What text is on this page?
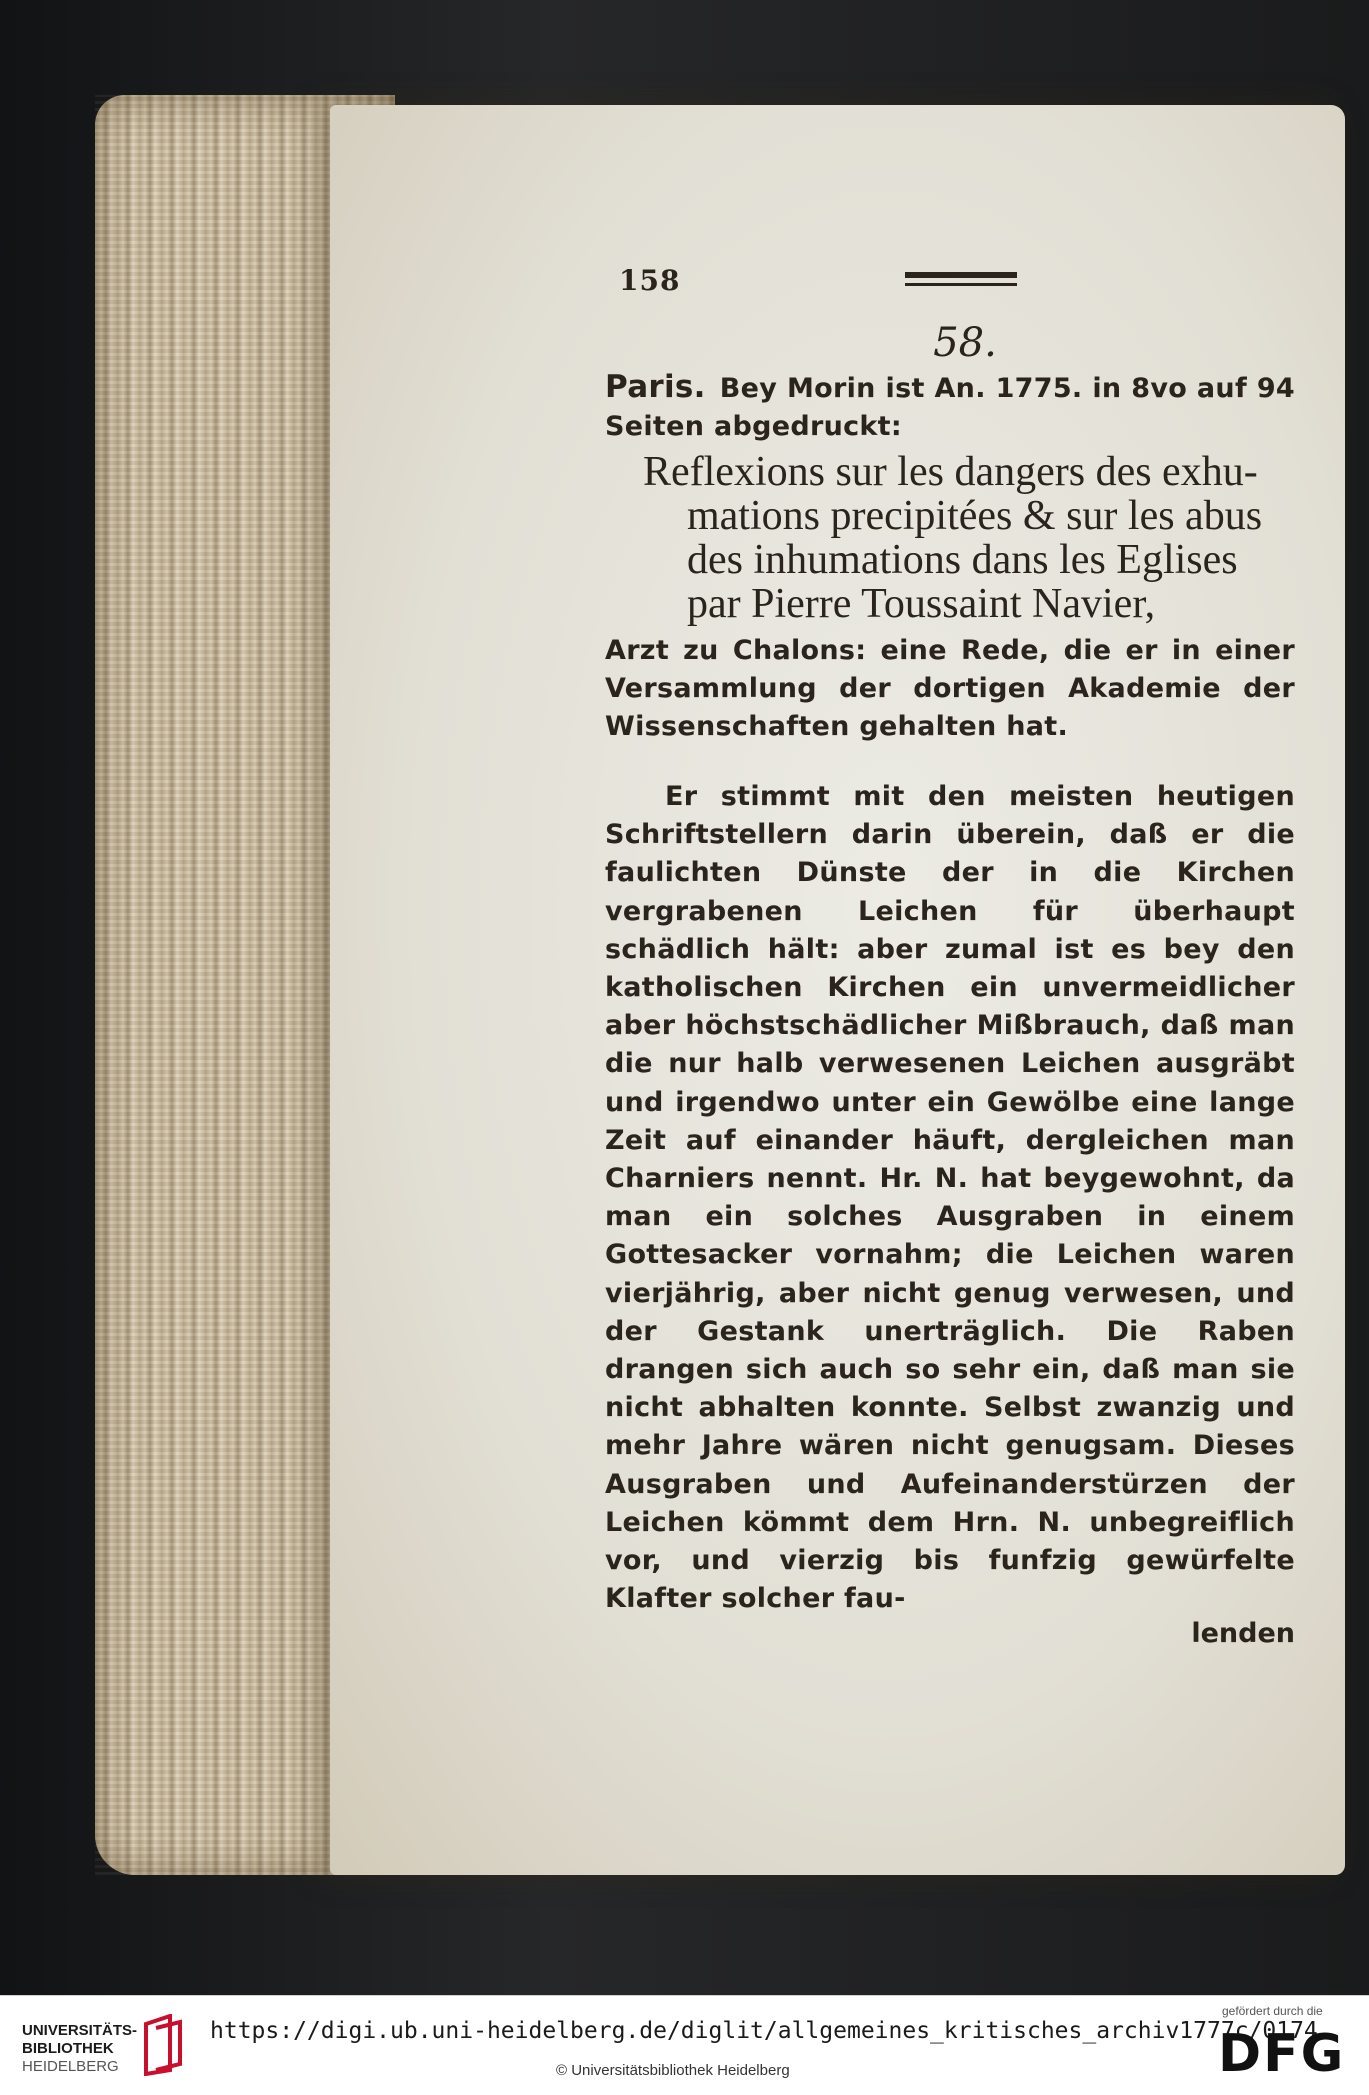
158
58.

Paris. Bey Morin ist An. 1775. in 8vo auf 94 Seiten abgedruckt:

Reflexions sur les dangers des exhu-
mations precipitées & sur les abus
des inhumations dans les Eglises
par Pierre Toussaint Navier,

Arzt zu Chalons: eine Rede, die er in einer Versammlung der dortigen Akademie der Wissenschaften gehalten hat.

Er stimmt mit den meisten heutigen Schriftstellern darin überein, daß er die faulichten Dünste der in die Kirchen vergrabenen Leichen für überhaupt schädlich hält: aber zumal ist es bey den katholischen Kirchen ein unvermeidlicher aber höchstschädlicher Mißbrauch, daß man die nur halb verwesenen Leichen ausgräbt und irgendwo unter ein Gewölbe eine lange Zeit auf einander häuft, dergleichen man Charniers nennt. Hr. N. hat beygewohnt, da man ein solches Ausgraben in einem Gottesacker vornahm; die Leichen waren vierjährig, aber nicht genug verwesen, und der Gestank unerträglich. Die Raben drangen sich auch so sehr ein, daß man sie nicht abhalten konnte. Selbst zwanzig und mehr Jahre wären nicht genugsam. Dieses Ausgraben und Aufeinanderstürzen der Leichen kömmt dem Hrn. N. unbegreiflich vor, und vierzig bis funfzig gewürfelte Klafter solcher fau-

lenden
UNIVERSITÄTS-
BIBLIOTHEK
HEIDELBERG
https://digi.ub.uni-heidelberg.de/diglit/allgemeines_kritisches_archiv1777c/0174
© Universitätsbibliothek Heidelberg
gefördert durch die
DFG
